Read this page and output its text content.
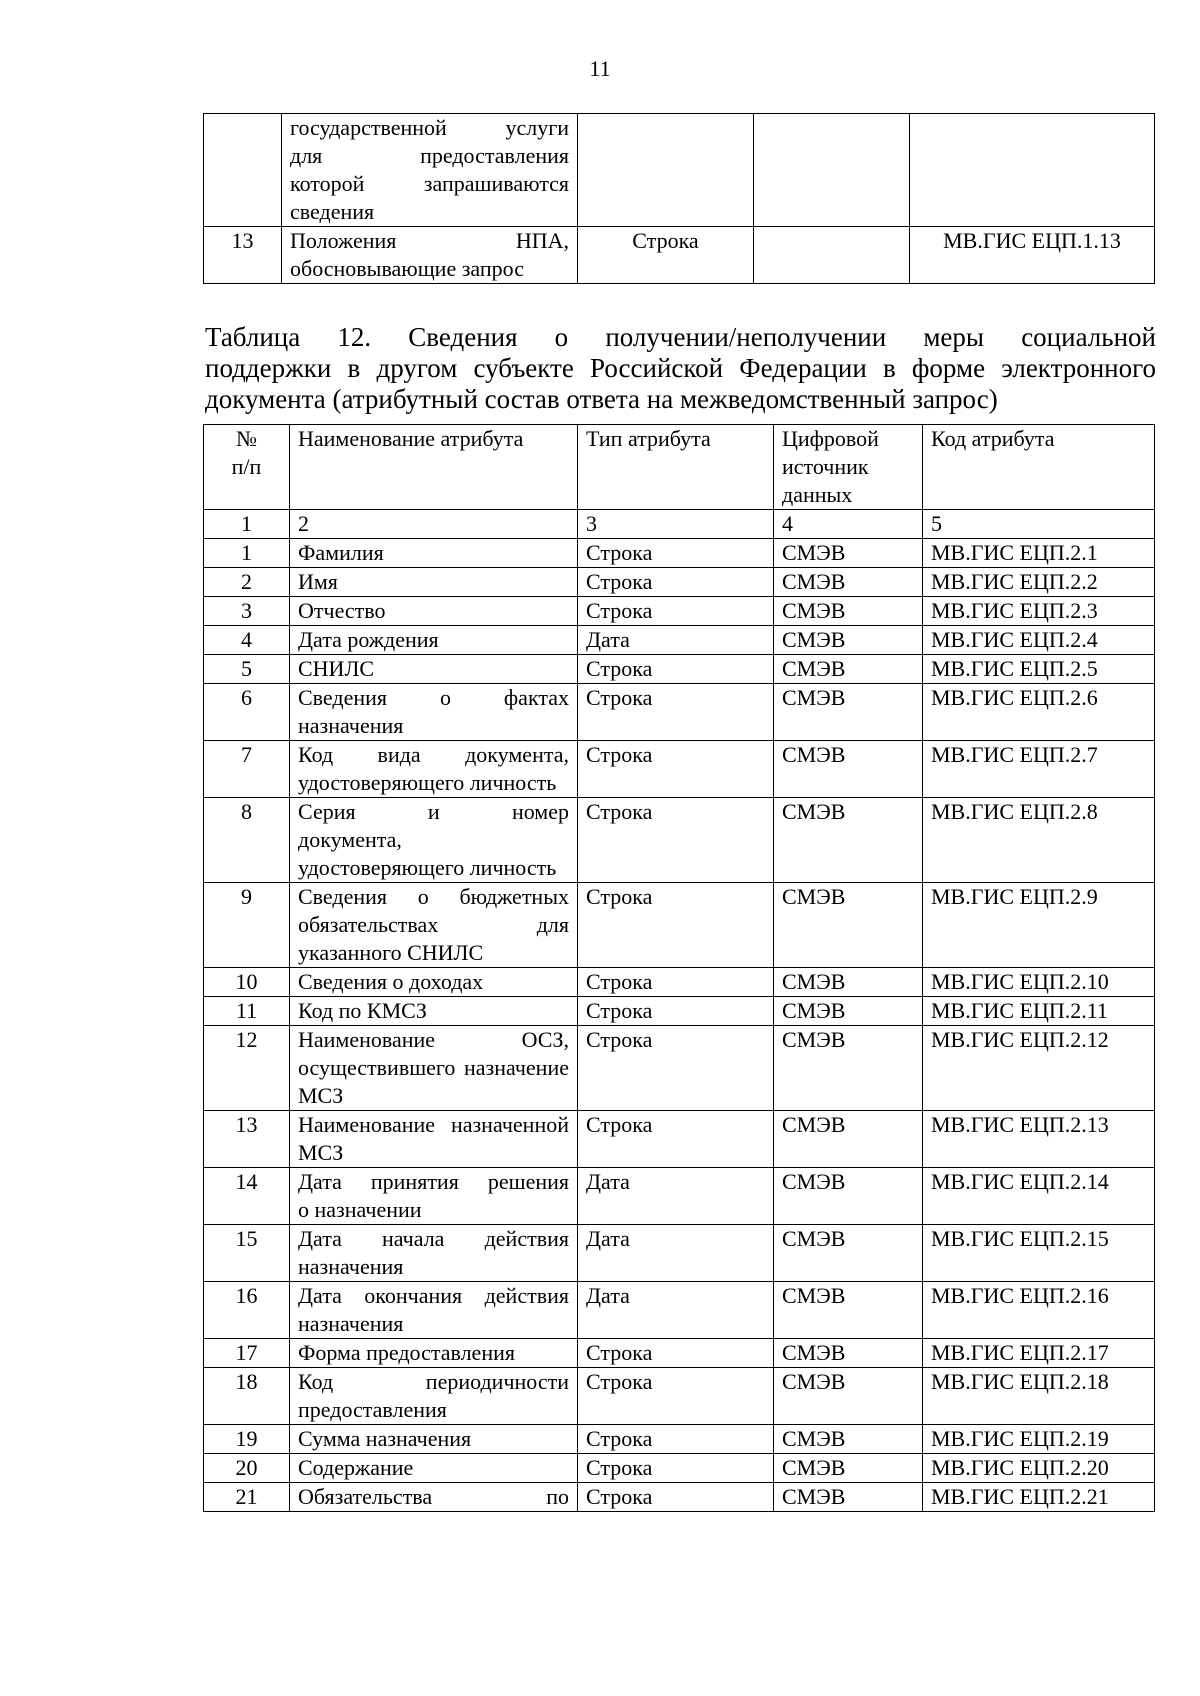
11

	государственной услуги
для предоставления
которой запрашиваются
сведения			

13	Положения НПА,
обосновывающие запрос	Строка		МВ.ГИС ЕЦП.1.13
Таблица 12. Сведения о получении/неполучении меры социальной
поддержки в другом субъекте Российской Федерации в форме электронного
документа (атрибутный состав ответа на межведомственный запрос)
№ п/п	Наименование атрибута	Тип атрибута	Цифровой источник данных	Код атрибута
1	2	3	4	5
1	Фамилия	Строка	СМЭВ	МВ.ГИС ЕЦП.2.1
2	Имя	Строка	СМЭВ	МВ.ГИС ЕЦП.2.2
3	Отчество	Строка	СМЭВ	МВ.ГИС ЕЦП.2.3
4	Дата рождения	Дата	СМЭВ	МВ.ГИС ЕЦП.2.4
5	СНИЛС	Строка	СМЭВ	МВ.ГИС ЕЦП.2.5
6	Сведения о фактах
назначения	Строка	СМЭВ	МВ.ГИС ЕЦП.2.6
7	Код вида документа,
удостоверяющего личность	Строка	СМЭВ	МВ.ГИС ЕЦП.2.7
8	Серия и номер
документа, удостоверяющего личность	Строка	СМЭВ	МВ.ГИС ЕЦП.2.8
9	Сведения о бюджетных
обязательствах для
указанного СНИЛС	Строка	СМЭВ	МВ.ГИС ЕЦП.2.9
10	Сведения о доходах	Строка	СМЭВ	МВ.ГИС ЕЦП.2.10
11	Код по КМСЗ	Строка	СМЭВ	МВ.ГИС ЕЦП.2.11
12	Наименование ОСЗ,
осуществившего назначение МСЗ	Строка	СМЭВ	МВ.ГИС ЕЦП.2.12
13	Наименование назначенной МСЗ	Строка	СМЭВ	МВ.ГИС ЕЦП.2.13
14	Дата принятия решения
о назначении	Дата	СМЭВ	МВ.ГИС ЕЦП.2.14
15	Дата начала действия
назначения	Дата	СМЭВ	МВ.ГИС ЕЦП.2.15
16	Дата окончания действия
назначения	Дата	СМЭВ	МВ.ГИС ЕЦП.2.16
17	Форма предоставления	Строка	СМЭВ	МВ.ГИС ЕЦП.2.17
18	Код периодичности
предоставления	Строка	СМЭВ	МВ.ГИС ЕЦП.2.18
19	Сумма назначения	Строка	СМЭВ	МВ.ГИС ЕЦП.2.19
20	Содержание	Строка	СМЭВ	МВ.ГИС ЕЦП.2.20
21	Обязательства по	Строка	СМЭВ	МВ.ГИС ЕЦП.2.21
